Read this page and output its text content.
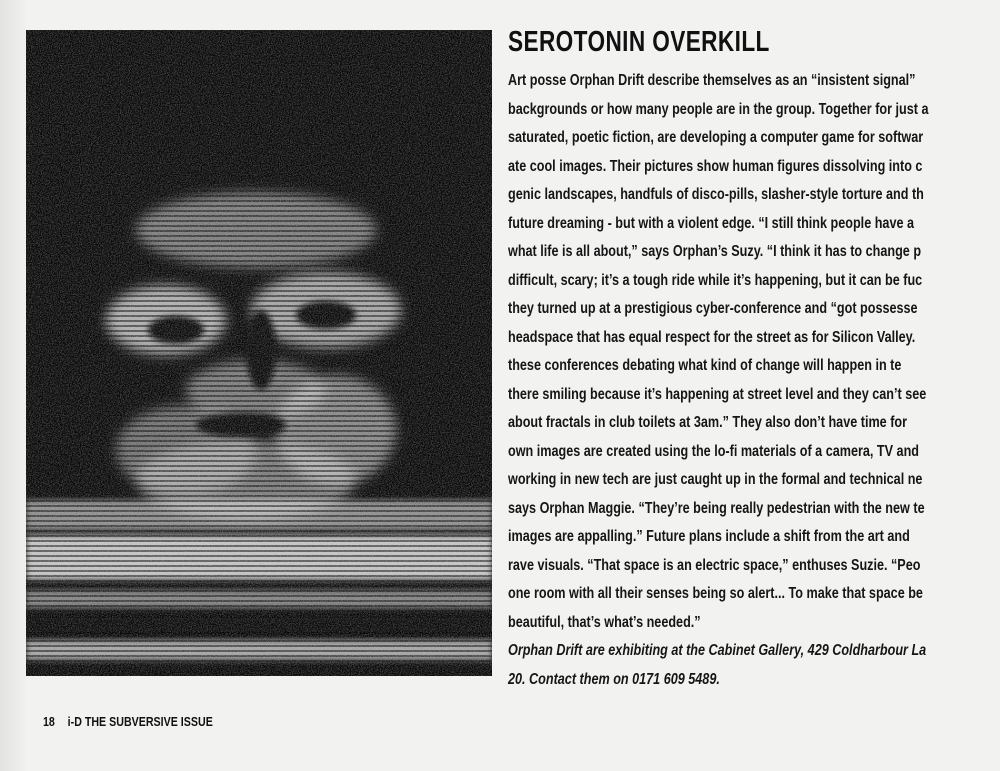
SEROTONIN OVERKILL
Art posse Orphan Drift describe themselves as an “insistent signal”
backgrounds or how many people are in the group. Together for just a
saturated, poetic fiction, are developing a computer game for softwar
ate cool images. Their pictures show human figures dissolving into c
genic landscapes, handfuls of disco-pills, slasher-style torture and th
future dreaming - but with a violent edge. “I still think people have a
what life is all about,” says Orphan’s Suzy. “I think it has to change p
difficult, scary; it’s a tough ride while it’s happening, but it can be fuc
they turned up at a prestigious cyber-conference and “got possesse
headspace that has equal respect for the street as for Silicon Valley.
these conferences debating what kind of change will happen in te
there smiling because it’s happening at street level and they can’t see
about fractals in club toilets at 3am.” They also don’t have time for
own images are created using the lo-fi materials of a camera, TV and
working in new tech are just caught up in the formal and technical ne
says Orphan Maggie. “They’re being really pedestrian with the new te
images are appalling.” Future plans include a shift from the art and
rave visuals. “That space is an electric space,” enthuses Suzie. “Peo
one room with all their senses being so alert... To make that space be
beautiful, that’s what’s needed.”
Orphan Drift are exhibiting at the Cabinet Gallery, 429 Coldharbour La
20. Contact them on 0171 609 5489.
18 i-D THE SUBVERSIVE ISSUE
